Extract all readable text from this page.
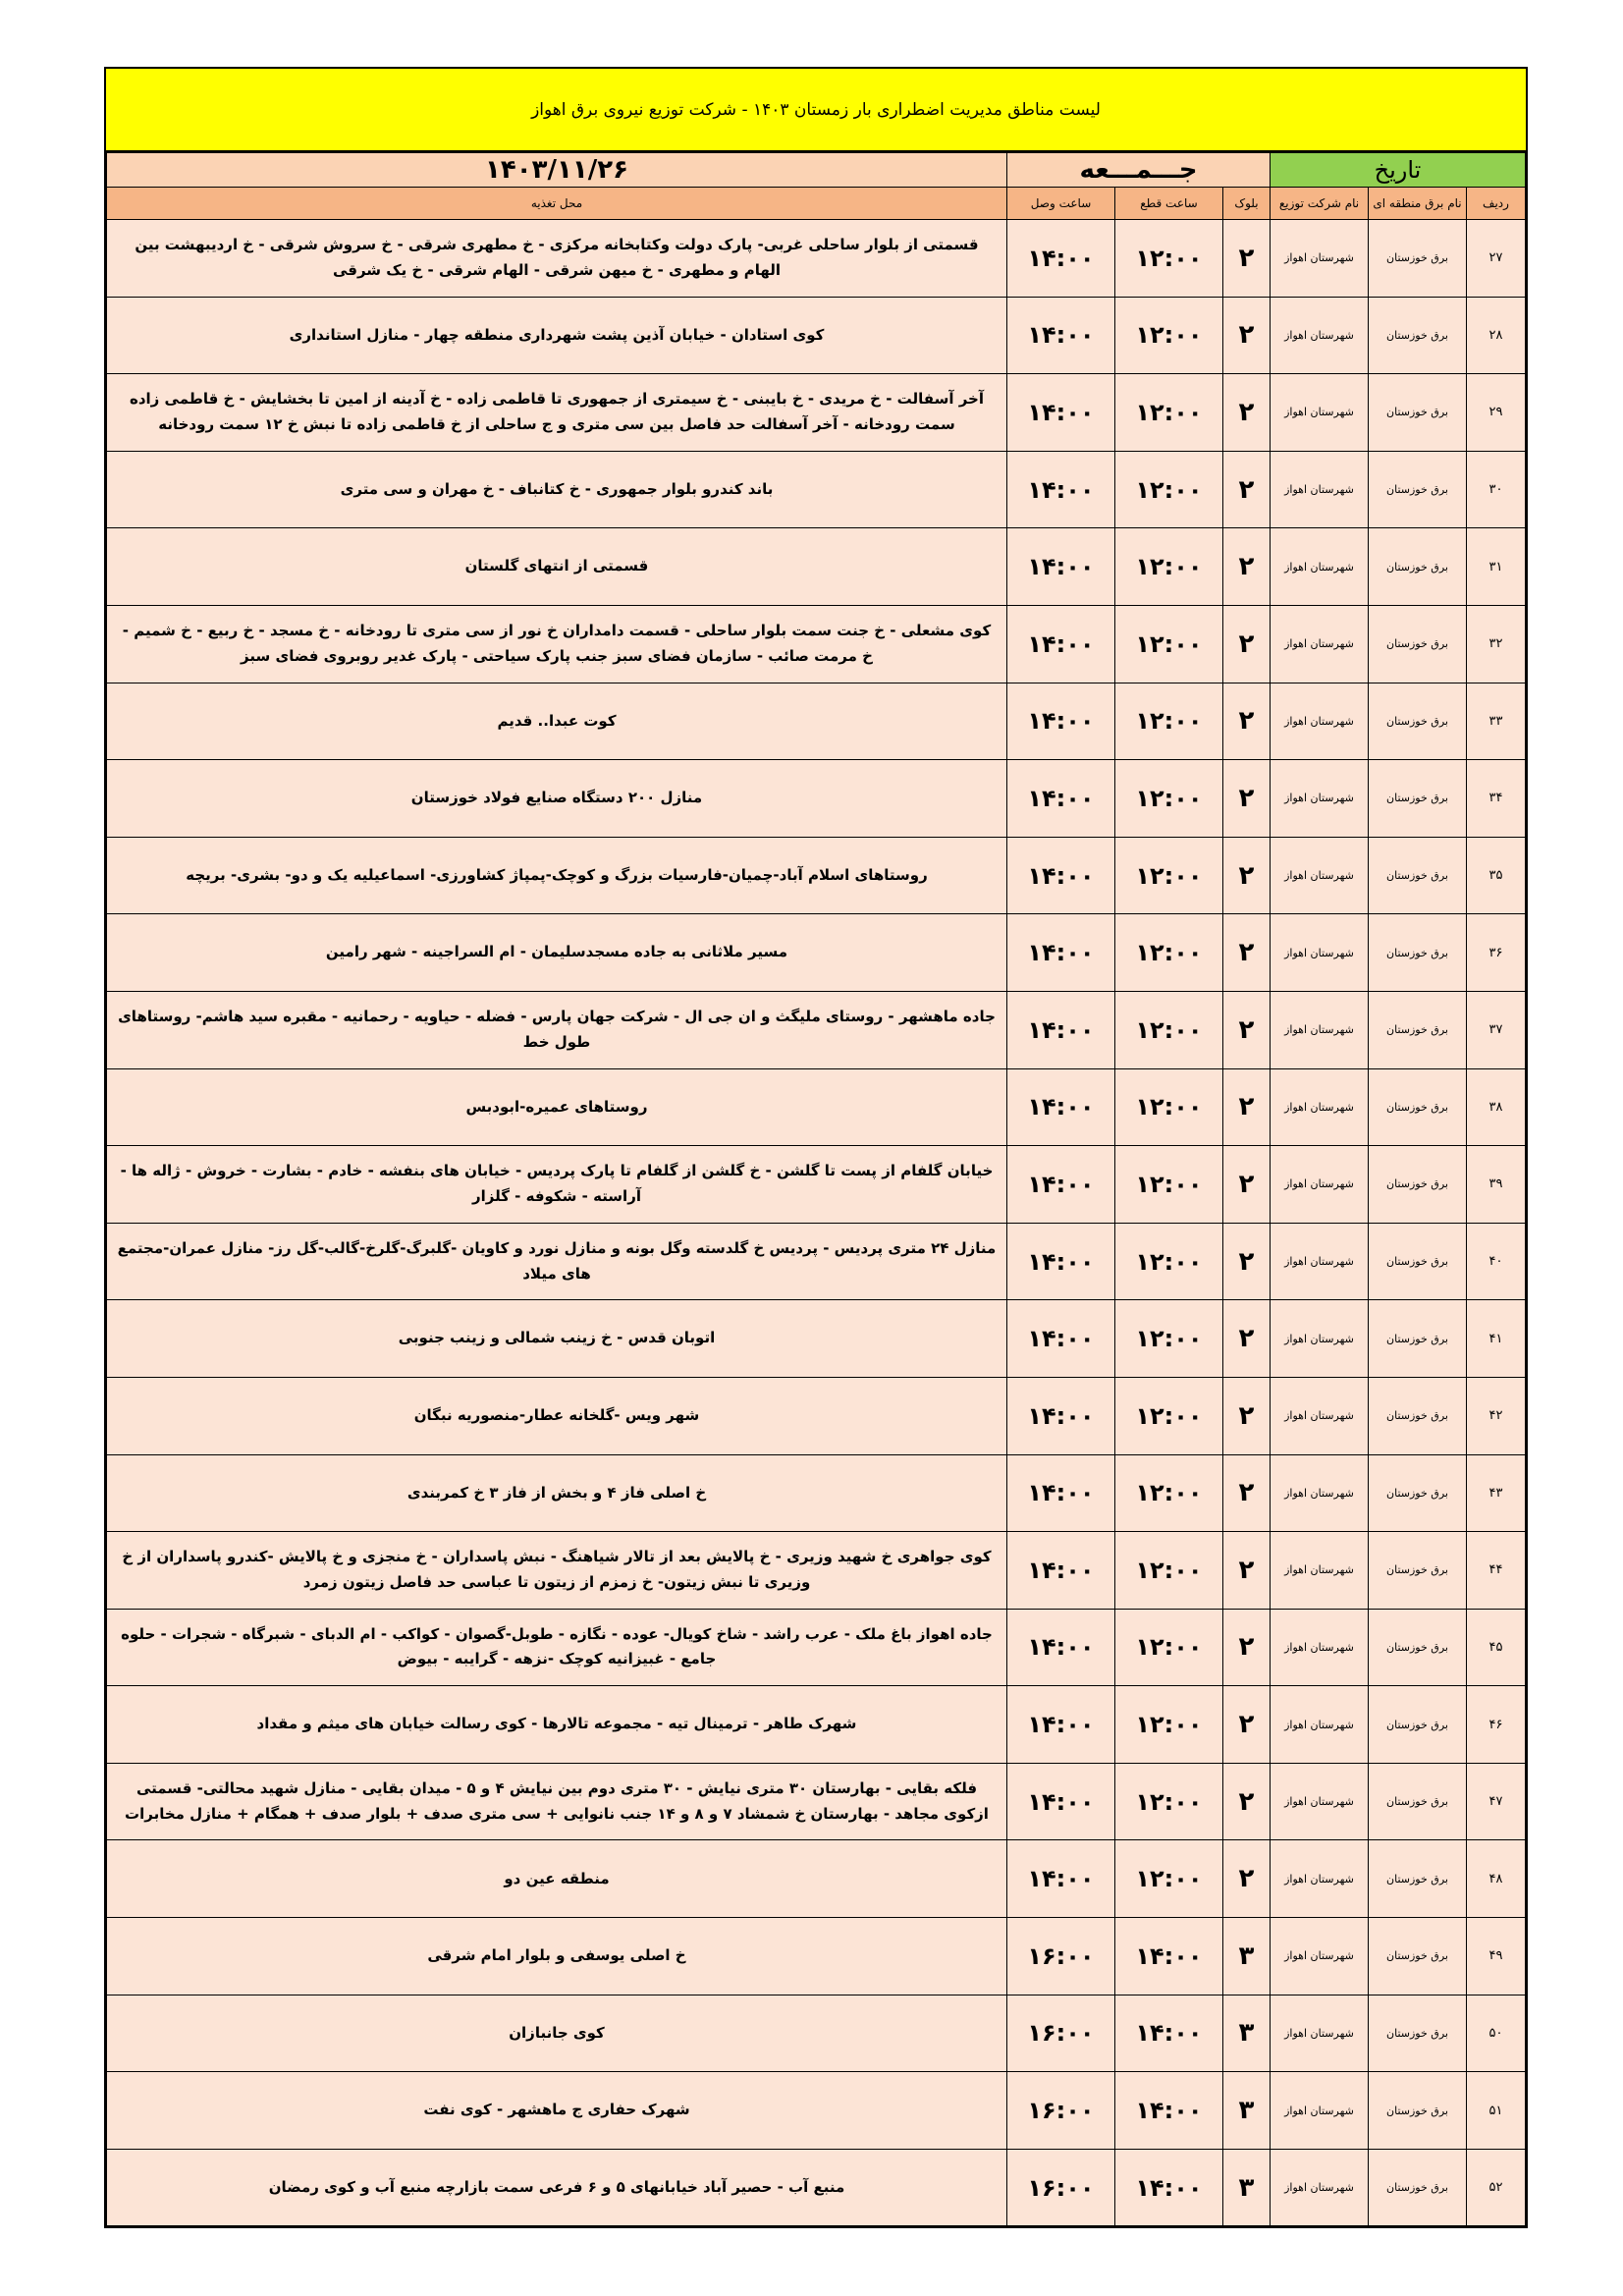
لیست مناطق مدیریت اضطراری بار زمستان ۱۴۰۳ - شرکت توزیع نیروی برق اهواز
تاریخ			جـــمـــعه			۱۴۰۳/۱۱/۲۶
ردیف	نام برق منطقه ای	نام شرکت توزیع	بلوک	ساعت قطع	ساعت وصل	محل تغذیه
۲۷	برق خوزستان	شهرستان اهواز	۲	۱۲:۰۰	۱۴:۰۰	قسمتی از بلوار ساحلی غربی- پارک دولت وکتابخانه مرکزی - خ مطهری شرقی - خ سروش شرقی - خ اردیبهشت بین الهام و مطهری - خ میهن شرقی - الهام شرقی - خ یک شرقی
۲۸	برق خوزستان	شهرستان اهواز	۲	۱۲:۰۰	۱۴:۰۰	کوی استادان - خیابان آذین پشت شهرداری منطقه چهار - منازل استانداری
۲۹	برق خوزستان	شهرستان اهواز	۲	۱۲:۰۰	۱۴:۰۰	آخر آسفالت - خ مریدی - خ بایبنی - خ سیمتری از جمهوری تا قاطمی زاده - خ آدینه از امین تا بخشایش - خ قاطمی زاده سمت رودخانه - آخر آسفالت حد فاصل بین سی متری و ج ساحلی از خ قاطمی زاده تا نبش خ ۱۲ سمت رودخانه
۳۰	برق خوزستان	شهرستان اهواز	۲	۱۲:۰۰	۱۴:۰۰	باند کندرو بلوار جمهوری - خ کتانباف - خ مهران و سی متری
۳۱	برق خوزستان	شهرستان اهواز	۲	۱۲:۰۰	۱۴:۰۰	قسمتی از انتهای گلستان
۳۲	برق خوزستان	شهرستان اهواز	۲	۱۲:۰۰	۱۴:۰۰	کوی مشعلی - خ جنت سمت بلوار ساحلی - قسمت دامداران خ نور از سی متری تا رودخانه - خ مسجد - خ ربیع - خ شمیم - خ مرمت صائب - سازمان فضای سبز جنب پارک سیاحتی - پارک غدیر روبروی فضای سبز
۳۳	برق خوزستان	شهرستان اهواز	۲	۱۲:۰۰	۱۴:۰۰	کوت عبدا.. قدیم
۳۴	برق خوزستان	شهرستان اهواز	۲	۱۲:۰۰	۱۴:۰۰	منازل ۲۰۰ دستگاه صنایع فولاد خوزستان
۳۵	برق خوزستان	شهرستان اهواز	۲	۱۲:۰۰	۱۴:۰۰	روستاهای اسلام آباد-چمیان-فارسیات بزرگ و کوچک-پمپاژ کشاورزی- اسماعیلیه یک و دو- بشری- بریچه
۳۶	برق خوزستان	شهرستان اهواز	۲	۱۲:۰۰	۱۴:۰۰	مسیر ملاثانی به جاده مسجدسلیمان - ام السراجینه - شهر رامین
۳۷	برق خوزستان	شهرستان اهواز	۲	۱۲:۰۰	۱۴:۰۰	جاده ماهشهر - روستای ملیگث و ان جی ال - شرکت جهان پارس - فضله - حیاویه - رحمانیه - مقبره سید هاشم- روستاهای طول خط
۳۸	برق خوزستان	شهرستان اهواز	۲	۱۲:۰۰	۱۴:۰۰	روستاهای عمیره-ابودبس
۳۹	برق خوزستان	شهرستان اهواز	۲	۱۲:۰۰	۱۴:۰۰	خیابان گلفام از پست تا گلشن - خ گلشن از گلفام تا پارک پردیس - خیابان های بنفشه - خادم - بشارت - خروش - ژاله ها - آراسته - شکوفه - گلزار
۴۰	برق خوزستان	شهرستان اهواز	۲	۱۲:۰۰	۱۴:۰۰	منازل ۲۴ متری پردیس - پردیس خ گلدسته وگل بونه و منازل نورد و کاویان -گلبرگ-گلرخ-گالب-گل رز- منازل عمران-مجتمع های میلاد
۴۱	برق خوزستان	شهرستان اهواز	۲	۱۲:۰۰	۱۴:۰۰	اتوبان قدس - خ زینب شمالی و زینب جنوبی
۴۲	برق خوزستان	شهرستان اهواز	۲	۱۲:۰۰	۱۴:۰۰	شهر ویس -گلخانه عطار-منصوریه نبگان
۴۳	برق خوزستان	شهرستان اهواز	۲	۱۲:۰۰	۱۴:۰۰	خ اصلی فاز ۴ و بخش از فاز ۳ خ کمربندی
۴۴	برق خوزستان	شهرستان اهواز	۲	۱۲:۰۰	۱۴:۰۰	کوی جواهری خ شهید وزیری - خ پالایش بعد از تالار شیاهنگ - نبش پاسداران - خ منجزی و خ پالایش -کندرو پاسداران از خ وزیری تا نبش زیتون- خ زمزم از زیتون تا عباسی حد فاصل زیتون زمرد
۴۵	برق خوزستان	شهرستان اهواز	۲	۱۲:۰۰	۱۴:۰۰	جاده اهواز باغ ملک - عرب راشد - شاخ کویال- عوده - نگازه - طوبل-گصوان - کواکب - ام الدبای - شبرگاه - شجرات - حلوه جامع - غبیزانیه کوچک -نزهه - گرایبه - بیوض
۴۶	برق خوزستان	شهرستان اهواز	۲	۱۲:۰۰	۱۴:۰۰	شهرک طاهر - ترمینال تیه - مجموعه تالارها - کوی رسالت خیابان های میثم و مقداد
۴۷	برق خوزستان	شهرستان اهواز	۲	۱۲:۰۰	۱۴:۰۰	فلکه بقایی - بهارستان ۳۰ متری نیایش - ۳۰ متری دوم بین نیایش ۴ و ۵ - میدان بقایی - منازل شهید محالتی- قسمتی ازکوی مجاهد - بهارستان خ شمشاد ۷ و ۸ و ۱۴ جنب نانوایی + سی متری صدف + بلوار صدف + همگام + منازل مخابرات
۴۸	برق خوزستان	شهرستان اهواز	۲	۱۲:۰۰	۱۴:۰۰	منطقه عین دو
۴۹	برق خوزستان	شهرستان اهواز	۳	۱۴:۰۰	۱۶:۰۰	خ اصلی یوسفی و بلوار امام شرقی
۵۰	برق خوزستان	شهرستان اهواز	۳	۱۴:۰۰	۱۶:۰۰	کوی جانبازان
۵۱	برق خوزستان	شهرستان اهواز	۳	۱۴:۰۰	۱۶:۰۰	شهرک حفاری ج ماهشهر - کوی نفت
۵۲	برق خوزستان	شهرستان اهواز	۳	۱۴:۰۰	۱۶:۰۰	منبع آب - حصیر آباد خیابانهای ۵ و ۶ فرعی سمت بازارچه منبع آب و کوی رمضان
